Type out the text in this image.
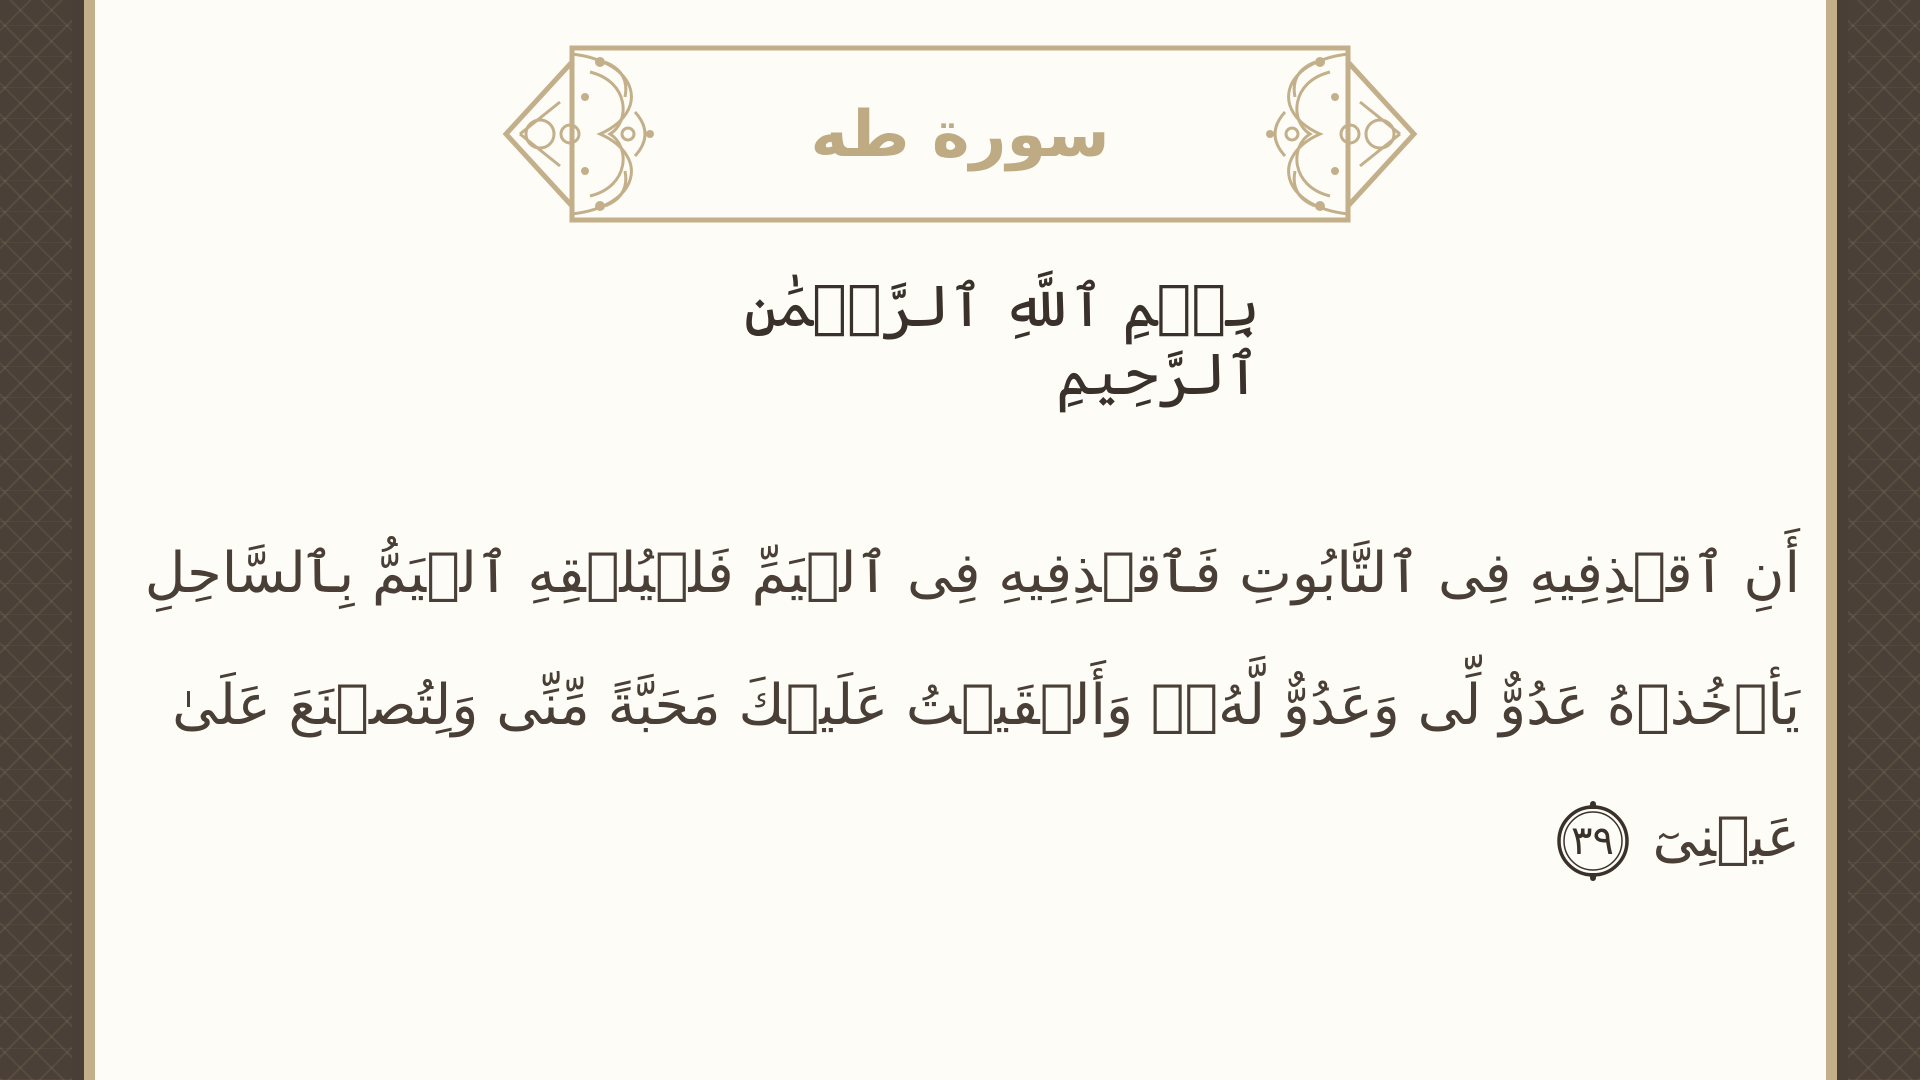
سورة طه
بِسۡمِ ٱللَّهِ ٱلرَّحۡمَٰنِ ٱلرَّحِيمِ
أَنِ ٱقۡذِفِيهِ فِى ٱلتَّابُوتِ فَٱقۡذِفِيهِ فِى ٱلۡيَمِّ فَلۡيُلۡقِهِ ٱلۡيَمُّ بِٱلسَّاحِلِ
يَأۡخُذۡهُ عَدُوٌّ لِّى وَعَدُوٌّ لَّهُۥۚ وَأَلۡقَيۡتُ عَلَيۡكَ مَحَبَّةً مِّنِّى وَلِتُصۡنَعَ عَلَىٰ
عَيۡنِىٓ
٣٩
